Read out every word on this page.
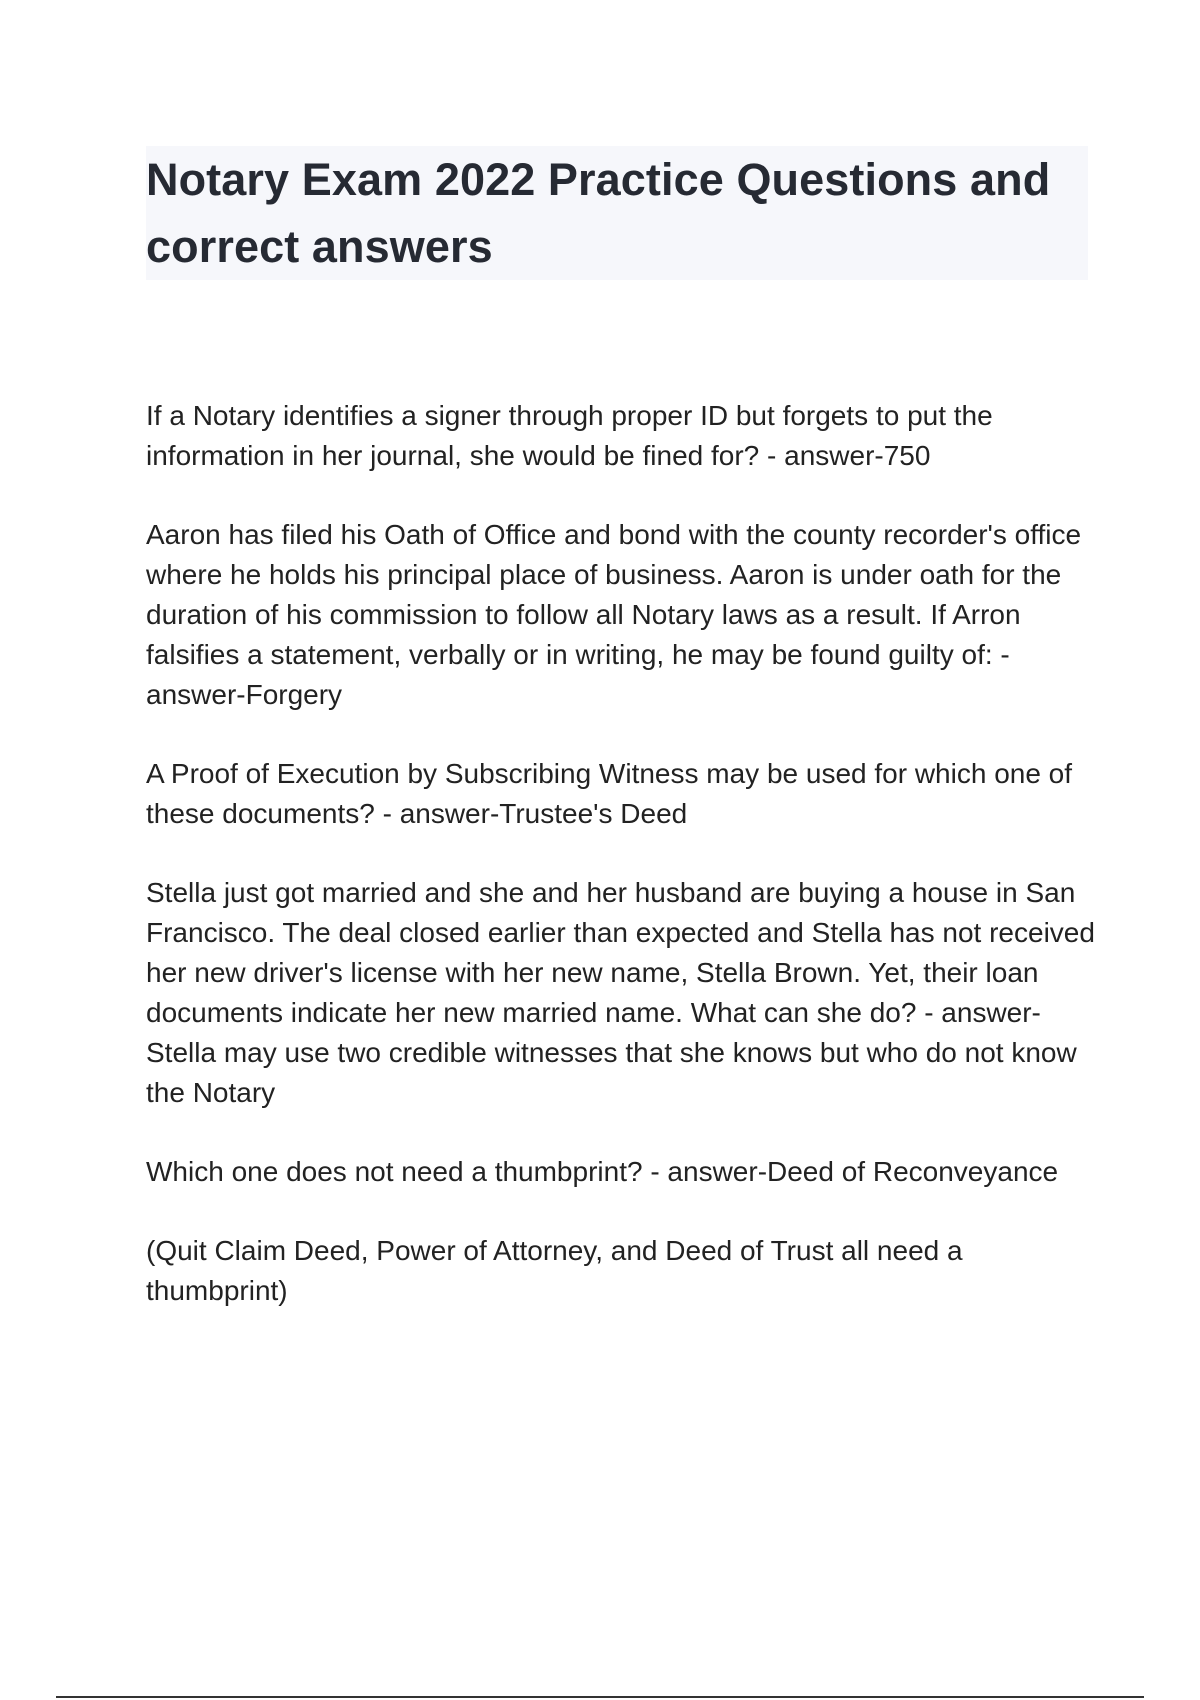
Notary Exam 2022 Practice Questions and correct answers

If a Notary identifies a signer through proper ID but forgets to put the information in her journal, she would be fined for? - answer-750

Aaron has filed his Oath of Office and bond with the county recorder's office where he holds his principal place of business. Aaron is under oath for the duration of his commission to follow all Notary laws as a result. If Arron falsifies a statement, verbally or in writing, he may be found guilty of: - answer-Forgery

A Proof of Execution by Subscribing Witness may be used for which one of these documents? - answer-Trustee's Deed

Stella just got married and she and her husband are buying a house in San Francisco. The deal closed earlier than expected and Stella has not received her new driver's license with her new name, Stella Brown. Yet, their loan documents indicate her new married name. What can she do? - answer-Stella may use two credible witnesses that she knows but who do not know the Notary

Which one does not need a thumbprint? - answer-Deed of Reconveyance

(Quit Claim Deed, Power of Attorney, and Deed of Trust all need a thumbprint)
